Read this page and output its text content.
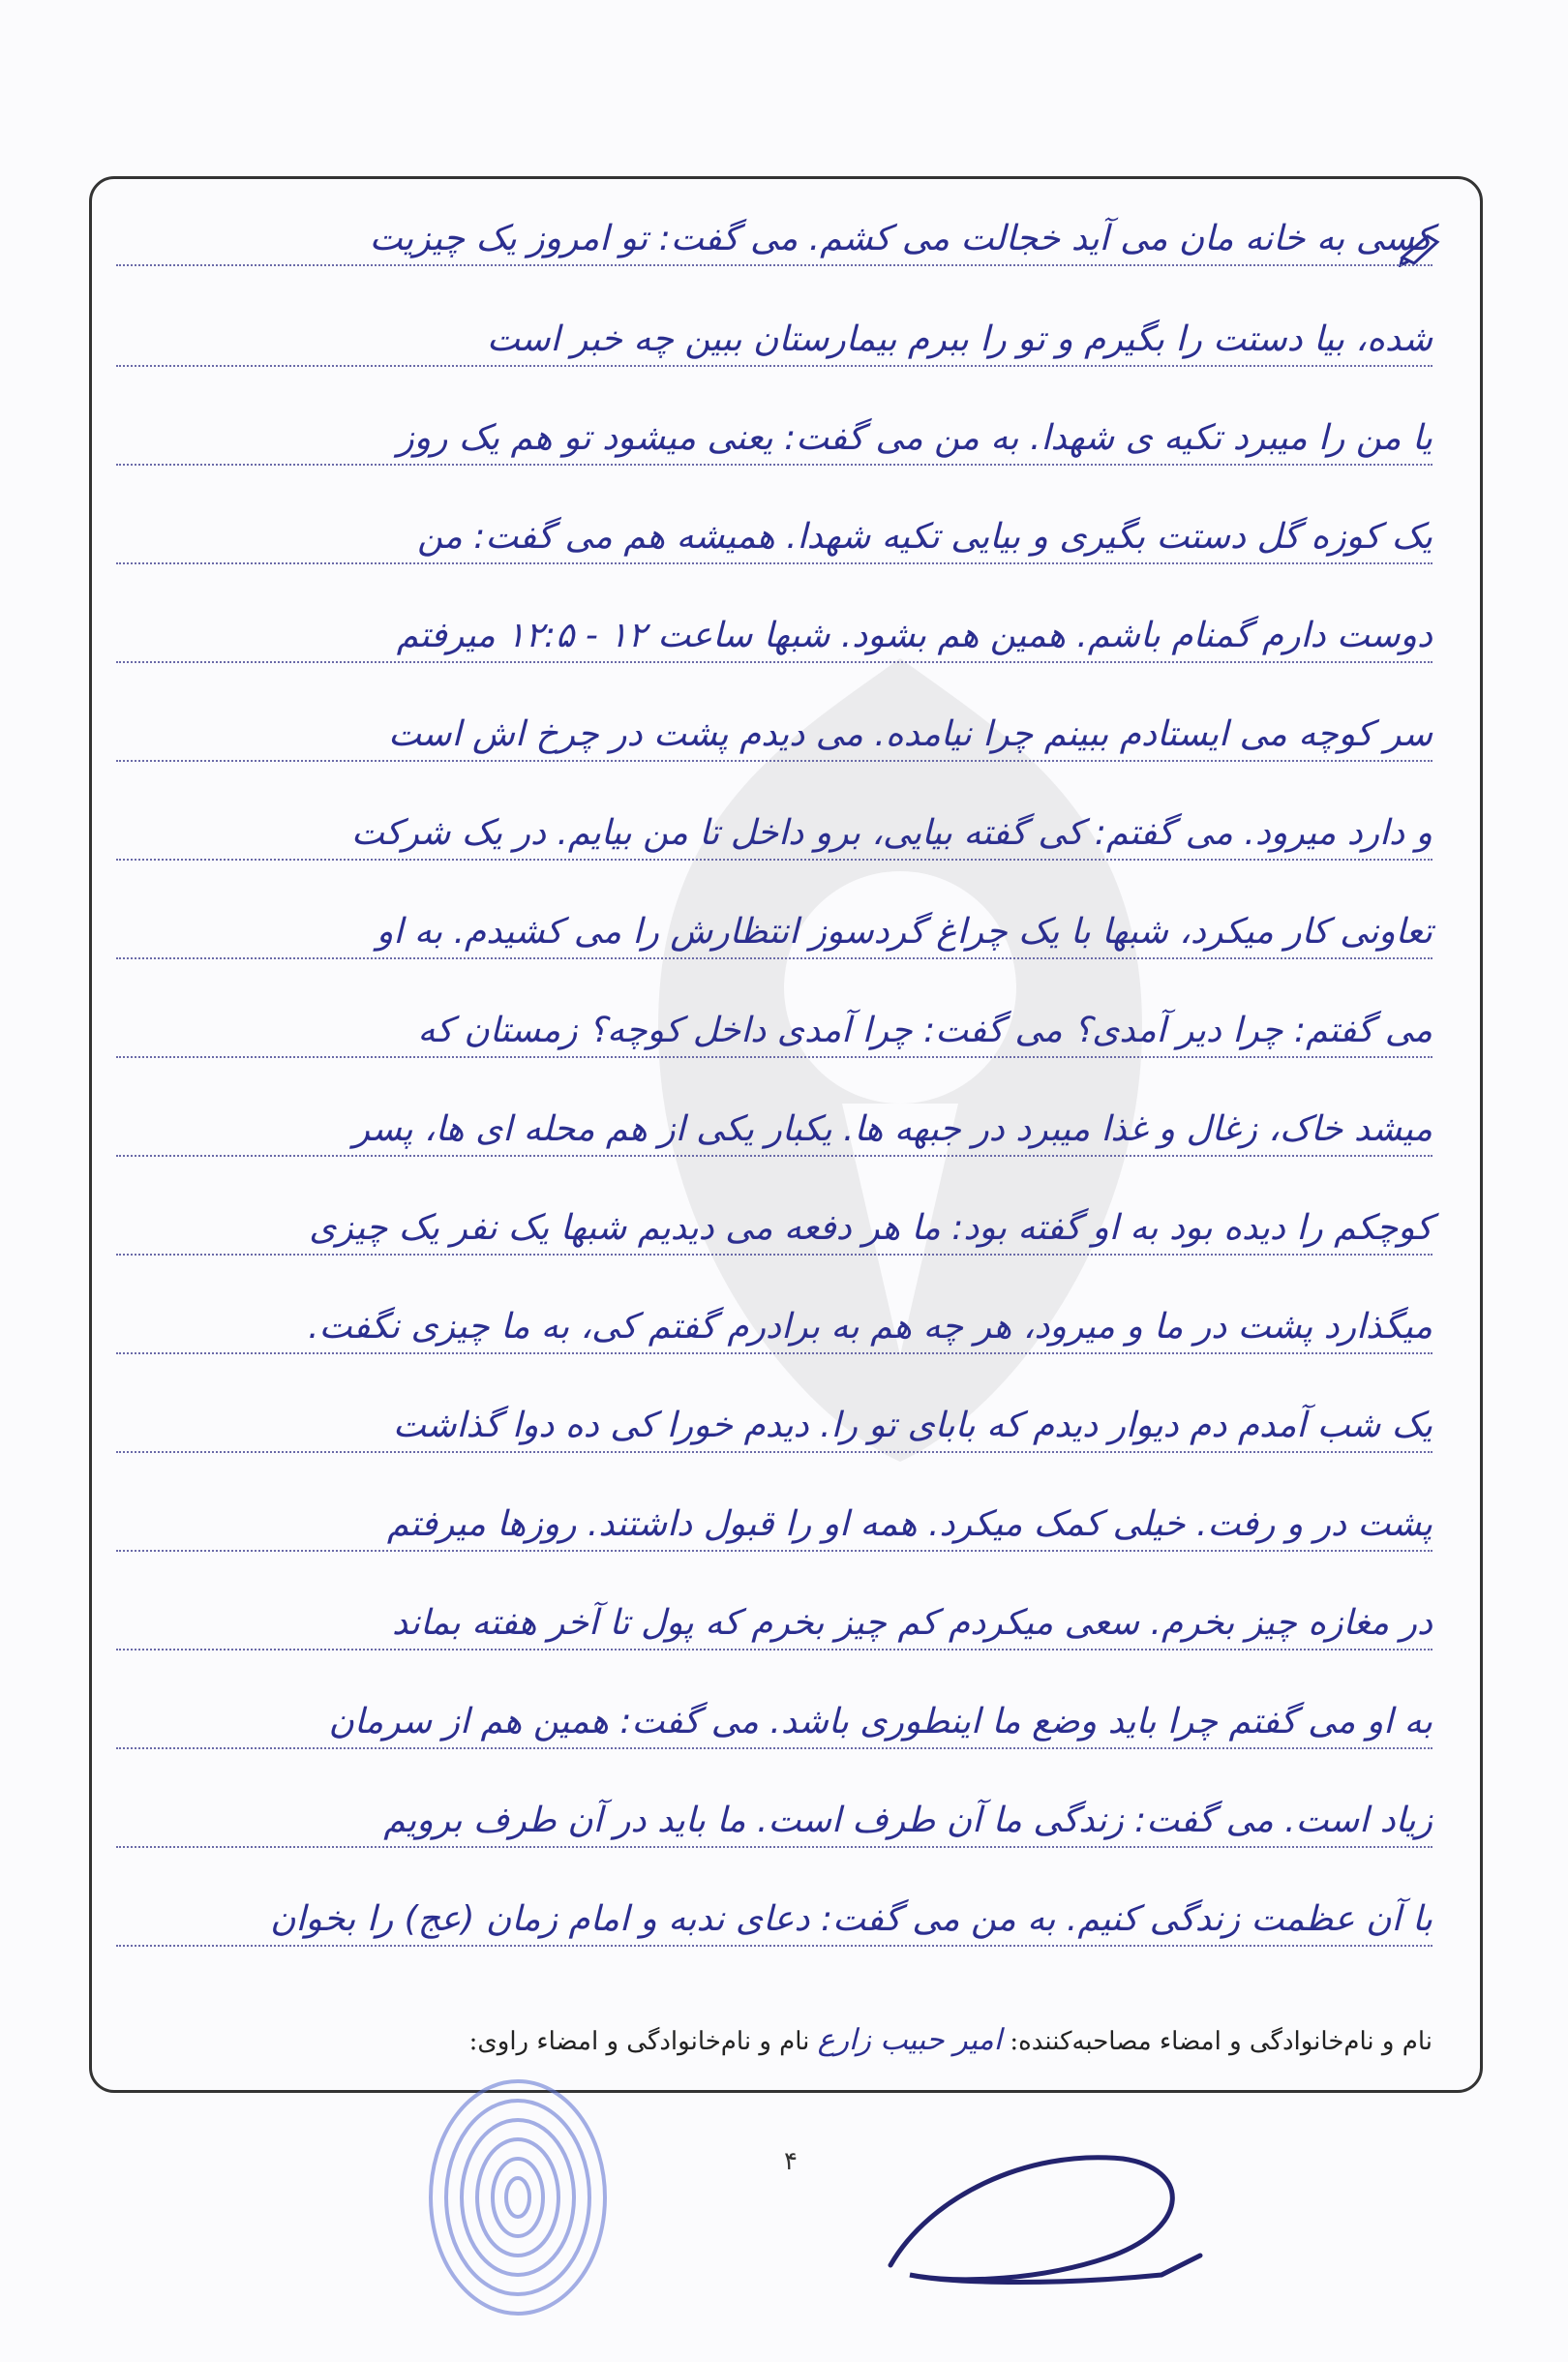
کسی به خانه مان می آید خجالت می کشم. می گفت: تو امروز یک چیزیت
شده، بیا دستت را بگیرم و تو را ببرم بیمارستان ببین چه خبر است
یا من را میبرد تکیه ی شهدا. به من می گفت: یعنی میشود تو هم یک روز
یک کوزه گل دستت بگیری و بیایی تکیه شهدا. همیشه هم می گفت: من
دوست دارم گمنام باشم. همین هم بشود. شبها ساعت ۱۲ - ۱۲:۵ میرفتم
سر کوچه می ایستادم ببینم چرا نیامده. می دیدم پشت در چرخ اش است
و دارد میرود. می گفتم: کی گفته بیایی، برو داخل تا من بیایم. در یک شرکت
تعاونی کار میکرد، شبها با یک چراغ گردسوز انتظارش را می کشیدم. به او
می گفتم: چرا دیر آمدی؟ می گفت: چرا آمدی داخل کوچه؟ زمستان که
میشد خاک، زغال و غذا میبرد در جبهه ها. یکبار یکی از هم محله ای ها، پسر
کوچکم را دیده بود به او گفته بود: ما هر دفعه می دیدیم شبها یک نفر یک چیزی
میگذارد پشت در ما و میرود، هر چه هم به برادرم گفتم کی، به ما چیزی نگفت.
یک شب آمدم دم دیوار دیدم که بابای تو را. دیدم خورا کی ده دوا گذاشت
پشت در و رفت. خیلی کمک میکرد. همه او را قبول داشتند. روزها میرفتم
در مغازه چیز بخرم. سعی میکردم کم چیز بخرم که پول تا آخر هفته بماند
به او می گفتم چرا باید وضع ما اینطوری باشد. می گفت: همین هم از سرمان
زیاد است. می گفت: زندگی ما آن طرف است. ما باید در آن طرف برویم
با آن عظمت زندگی کنیم. به من می گفت: دعای ندبه و امام زمان (عج) را بخوان
نام و نام‌خانوادگی و امضاء مصاحبه‌کننده: امیر حبیب زارع نام و نام‌خانوادگی و امضاء راوی:
۴
